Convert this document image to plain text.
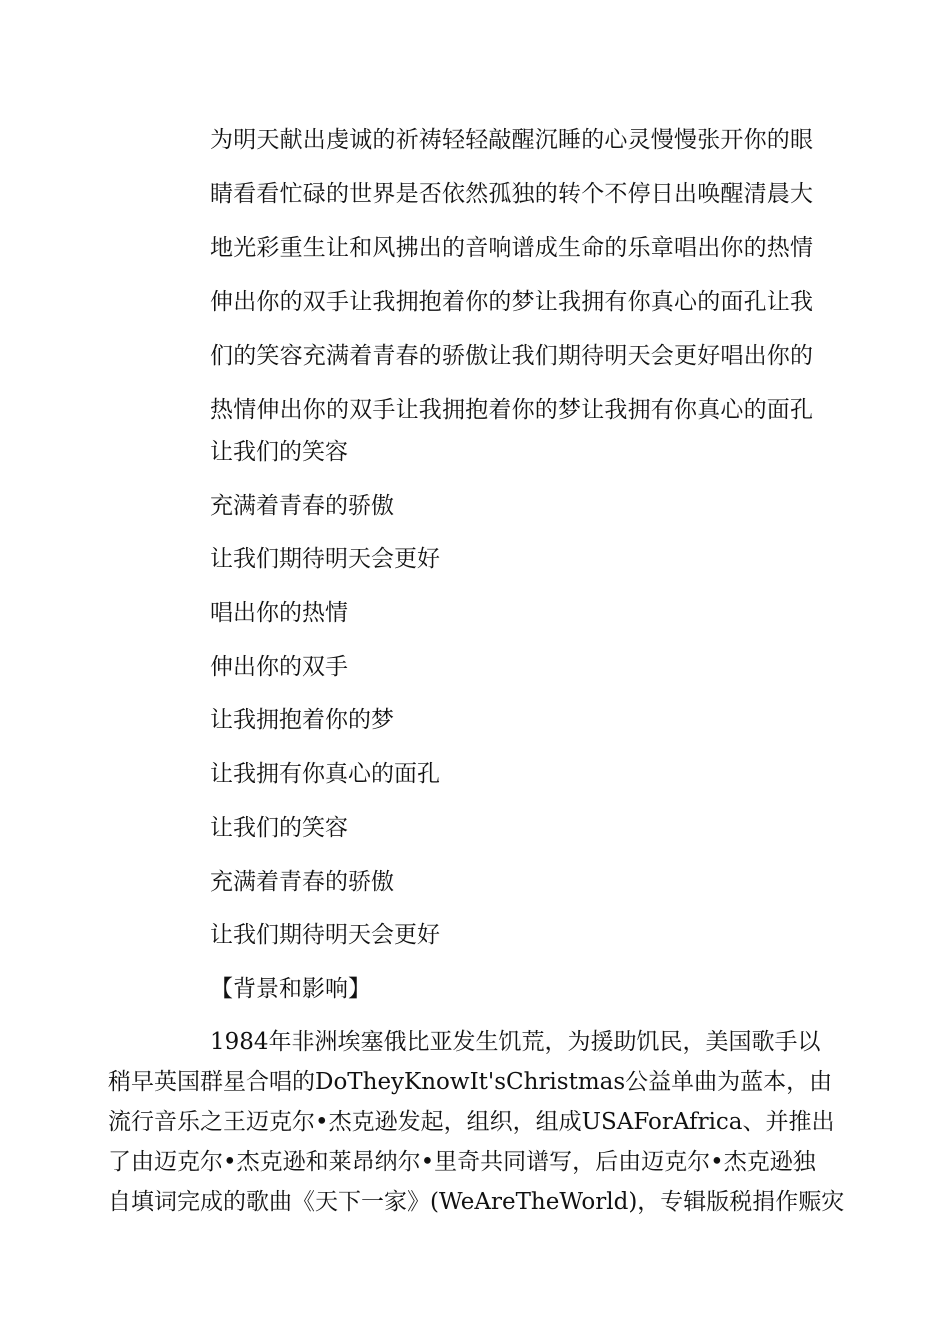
为明天献出虔诚的祈祷轻轻敲醒沉睡的心灵慢慢张开你的眼
睛看看忙碌的世界是否依然孤独的转个不停日出唤醒清晨大
地光彩重生让和风拂出的音响谱成生命的乐章唱出你的热情
伸出你的双手让我拥抱着你的梦让我拥有你真心的面孔让我
们的笑容充满着青春的骄傲让我们期待明天会更好唱出你的
热情伸出你的双手让我拥抱着你的梦让我拥有你真心的面孔
让我们的笑容
充满着青春的骄傲
让我们期待明天会更好
唱出你的热情
伸出你的双手
让我拥抱着你的梦
让我拥有你真心的面孔
让我们的笑容
充满着青春的骄傲
让我们期待明天会更好
【背景和影响】
1984年非洲埃塞俄比亚发生饥荒，为援助饥民，美国歌手以
稍早英国群星合唱的DoTheyKnowIt'sChristmas公益单曲为蓝本，由
流行音乐之王迈克尔•杰克逊发起，组织，组成USAForAfrica、并推出
了由迈克尔•杰克逊和莱昂纳尔•里奇共同谱写，后由迈克尔•杰克逊独
自填词完成的歌曲《天下一家》(WeAreTheWorld)，专辑版税捐作赈灾
